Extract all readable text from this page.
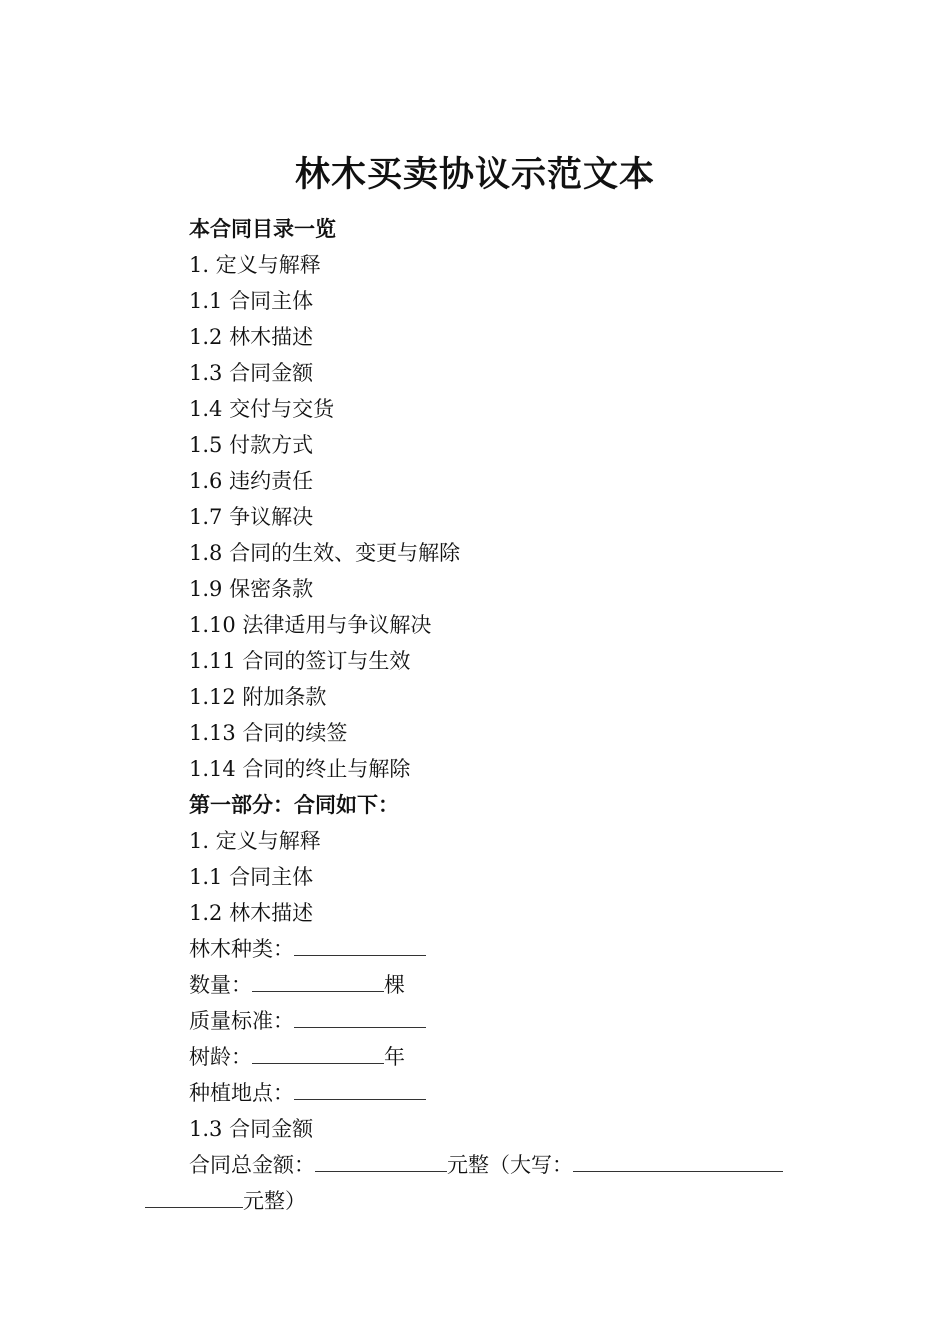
林木买卖协议示范文本
本合同目录一览
1. 定义与解释
1.1 合同主体
1.2 林木描述
1.3 合同金额
1.4 交付与交货
1.5 付款方式
1.6 违约责任
1.7 争议解决
1.8 合同的生效、变更与解除
1.9 保密条款
1.10 法律适用与争议解决
1.11 合同的签订与生效
1.12 附加条款
1.13 合同的续签
1.14 合同的终止与解除
第一部分：合同如下：
1. 定义与解释
1.1 合同主体
1.2 林木描述
林木种类：
数量：	棵
质量标准：
树龄：	年
种植地点：
1.3 合同金额
合同总金额：	元整（大写：
元整）
